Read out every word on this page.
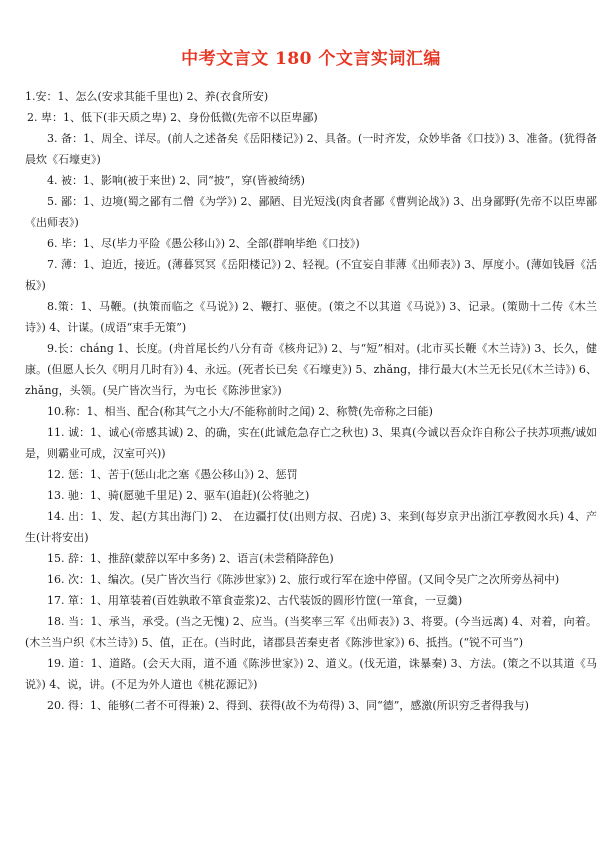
中考文言文 180 个文言实词汇编

1.安：1、怎么(安求其能千里也) 2、养(衣食所安)

2. 卑：1、低下(非天质之卑) 2、身份低微(先帝不以臣卑鄙)

3. 备：1、周全、详尽。(前人之述备矣《岳阳楼记》) 2、具备。(一时齐发，众妙毕备《口技》) 3、准备。(犹得备晨炊《石壕吏》)

4. 被：1、影响(被于来世) 2、同“披”，穿(皆被绮绣)

5. 鄙：1、边境(蜀之鄙有二僧《为学》) 2、鄙陋、目光短浅(肉食者鄙《曹刿论战》) 3、出身鄙野(先帝不以臣卑鄙《出师表》)

6. 毕：1、尽(毕力平险《愚公移山》) 2、全部(群响毕绝《口技》)

7. 薄：1、迫近，接近。(薄暮冥冥《岳阳楼记》) 2、轻视。(不宜妄自菲薄《出师表》) 3、厚度小。(薄如钱唇《活板》)

8.策：1、马鞭。(执策而临之《马说》) 2、鞭打、驱使。(策之不以其道《马说》) 3、记录。(策勋十二传《木兰诗》) 4、计谋。(成语“束手无策”)

9.长：cháng 1、长度。(舟首尾长约八分有奇《核舟记》) 2、与“短”相对。(北市买长鞭《木兰诗》) 3、长久，健康。(但愿人长久《明月几时有》) 4、永远。(死者长已矣《石壕吏》) 5、zhǎng，排行最大(木兰无长兄(《木兰诗》) 6、zhǎng，头领。(吴广皆次当行，为屯长《陈涉世家》)

10.称：1、相当、配合(称其气之小大/不能称前时之闻) 2、称赞(先帝称之曰能)

11. 诚：1、诚心(帝感其诚) 2、的确，实在(此诚危急存亡之秋也) 3、果真(今诚以吾众诈自称公子扶苏项燕/诚如是，则霸业可成，汉室可兴))

12. 惩：1、苦于(惩山北之塞《愚公移山》) 2、惩罚

13. 驰：1、骑(愿驰千里足) 2、驱车(追赶)(公将驰之)

14. 出：1、发、起(方其出海门) 2、 在边疆打仗(出则方叔、召虎) 3、来到(每岁京尹出浙江亭教阅水兵) 4、产生(计将安出)

15. 辞：1、推辞(蒙辞以军中多务) 2、语言(未尝稍降辞色)

16. 次：1、编次。(吴广皆次当行《陈涉世家》) 2、旅行或行军在途中停留。(又间令吴广之次所旁丛祠中)

17. 箪：1、用箪装着(百姓孰敢不箪食壶浆)2、古代装饭的圆形竹筐(一箪食，一豆羹)

18. 当：1、承当，承受。(当之无愧) 2、应当。(当奖率三军《出师表》) 3、将要。(今当远离) 4、对着，向着。(木兰当户织《木兰诗》) 5、值，正在。(当时此，诸郡县苦秦吏者《陈涉世家》) 6、抵挡。(“锐不可当”)

19. 道：1、道路。(会天大雨，道不通《陈涉世家》) 2、道义。(伐无道，诛暴秦) 3、方法。(策之不以其道《马说》) 4、说，讲。(不足为外人道也《桃花源记》)

20. 得：1、能够(二者不可得兼) 2、得到、获得(故不为苟得) 3、同“德”，感激(所识穷乏者得我与)
